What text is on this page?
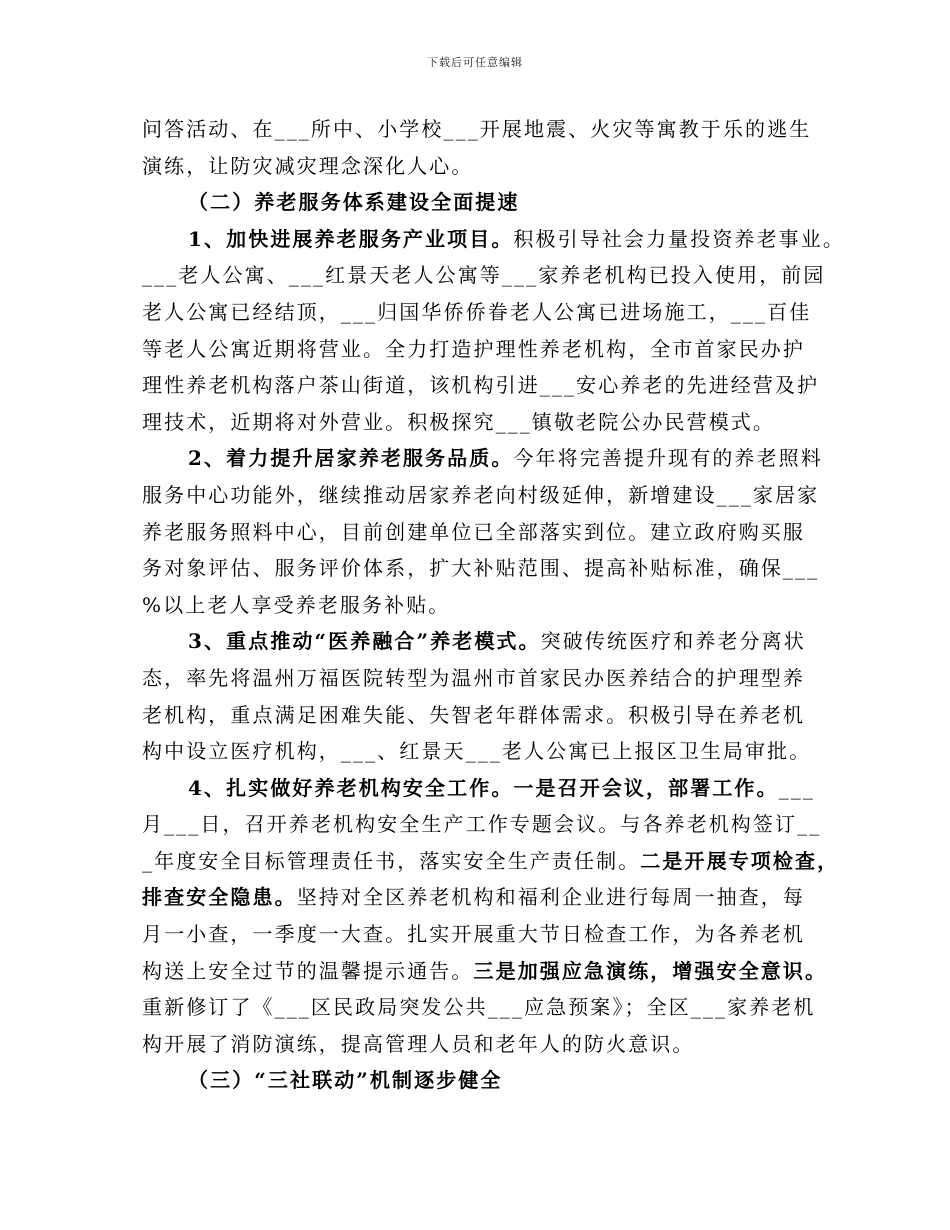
下载后可任意编辑
问答活动、在___所中、小学校___开展地震、火灾等寓教于乐的逃生
演练，让防灾减灾理念深化人心。
（二）养老服务体系建设全面提速
1、加快进展养老服务产业项目。积极引导社会力量投资养老事业。
___老人公寓、___红景天老人公寓等___家养老机构已投入使用，前园
老人公寓已经结顶，___归国华侨侨眷老人公寓已进场施工，___百佳
等老人公寓近期将营业。全力打造护理性养老机构，全市首家民办护
理性养老机构落户茶山街道，该机构引进___安心养老的先进经营及护
理技术，近期将对外营业。积极探究___镇敬老院公办民营模式。
2、着力提升居家养老服务品质。今年将完善提升现有的养老照料
服务中心功能外，继续推动居家养老向村级延伸，新增建设___家居家
养老服务照料中心，目前创建单位已全部落实到位。建立政府购买服
务对象评估、服务评价体系，扩大补贴范围、提高补贴标准，确保___
%以上老人享受养老服务补贴。
3、重点推动“医养融合”养老模式。突破传统医疗和养老分离状
态，率先将温州万福医院转型为温州市首家民办医养结合的护理型养
老机构，重点满足困难失能、失智老年群体需求。积极引导在养老机
构中设立医疗机构，___、红景天___老人公寓已上报区卫生局审批。
4、扎实做好养老机构安全工作。一是召开会议，部署工作。___
月___日，召开养老机构安全生产工作专题会议。与各养老机构签订__
_年度安全目标管理责任书，落实安全生产责任制。二是开展专项检查，
排查安全隐患。坚持对全区养老机构和福利企业进行每周一抽查，每
月一小查，一季度一大查。扎实开展重大节日检查工作，为各养老机
构送上安全过节的温馨提示通告。三是加强应急演练，增强安全意识。
重新修订了《___区民政局突发公共___应急预案》；全区___家养老机
构开展了消防演练，提高管理人员和老年人的防火意识。
（三）“三社联动”机制逐步健全
